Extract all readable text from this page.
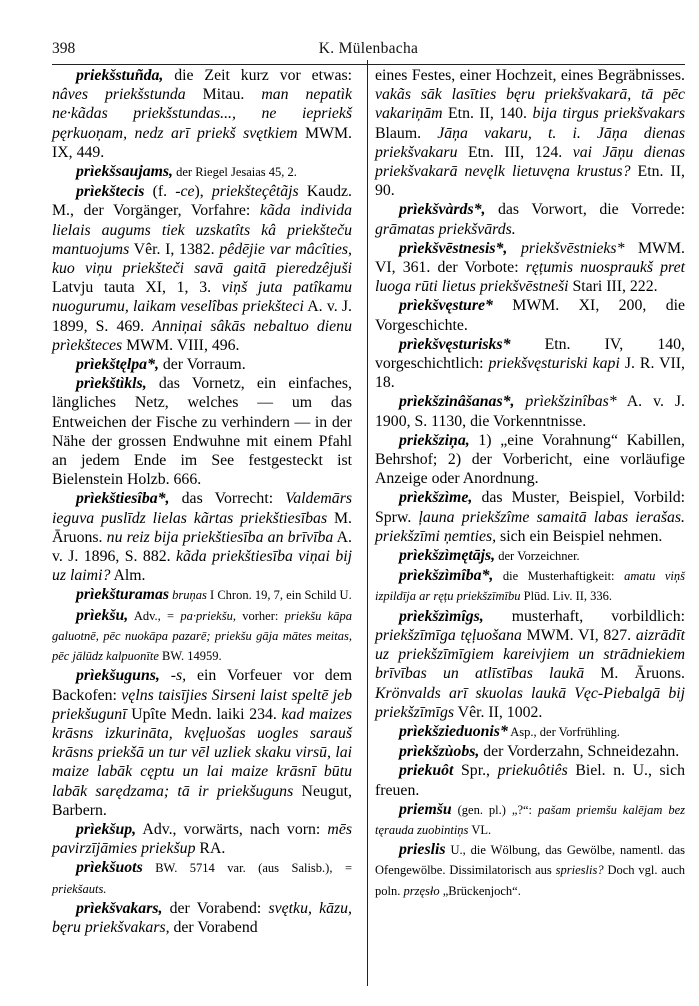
398	K. Mülenbacha

priekšstuñda, die Zeit kurz vor etwas: nâves priekšstunda Mitau. man nepatìk ne·kãdas priekšstundas..., ne iepriekš pęrkuoņam, nedz arī priekš svętkiem MWM. IX, 449.

prìekšsaujams, der Riegel Jesaias 45, 2.

prìekštecis (f. -ce), priekšteçêtãjs Kaudz. M., der Vorgänger, Vorfahre: kãda individa lielais augums tiek uzskatîts kâ priekšteču mantuojums Vêr. I, 1382. pêdējie var mâcîties, kuo viņu priekšteči savā gaitā pieredzêjuši Latvju tauta XI, 1, 3. viņš juta patîkamu nuogurumu, laikam veselîbas priekšteci A. v. J. 1899, S. 469. Anniņai sâkās nebaltuo dienu prìekšteces MWM. VIII, 496.

prìekštęlpa*, der Vorraum.

prìekštìkls, das Vornetz, ein einfaches, längliches Netz, welches — um das Entweichen der Fische zu verhindern — in der Nähe der grossen Endwuhne mit einem Pfahl an jedem Ende im See festgesteckt ist Bielenstein Holzb. 666.

prìekštiesîba*, das Vorrecht: Valdemārs ieguva puslīdz lielas kãrtas priekštiesības M. Āruons. nu reiz bija priekštiesība an brīvība A. v. J. 1896, S. 882. kãda priekštiesība viņai bij uz laimi? Alm.

prìekšturamas bruņas I Chron. 19, 7, ein Schild U.

prìekšu, Adv., = pa·priekšu, vorher: priekšu kāpa galuotnē, pēc nuokāpa pazarē; priekšu gāja mātes meitas, pēc jālūdz kalpuonīte BW. 14959.

prìekšuguns, -s, ein Vorfeuer vor dem Backofen: vęlns taisījies Sirseni laist speltē jeb priekšugunī Upîte Medn. laiki 234. kad maizes krāsns izkurināta, kvęļuošas uogles sarauš krāsns priekšā un tur vēl uzliek skaku virsū, lai maize labāk cęptu un lai maize krāsnī būtu labāk sarędzama; tā ir priekšuguns Neugut, Barbern.

prìekšup, Adv., vorwärts, nach vorn: mēs pavirzījāmies priekšup RA.

prìekšuots BW. 5714 var. (aus Salisb.), = priekšauts.

prìekšvakars, der Vorabend: svętku, kāzu, bęru priekšvakars, der Vorabend

eines Festes, einer Hochzeit, eines Begräbnisses. vakãs sāk lasīties bęru priekšvakarā, tā pēc vakariņām Etn. II, 140. bija tirgus priekšvakars Blaum. Jāņa vakaru, t. i. Jāņa dienas priekšvakaru Etn. III, 124. vai Jāņu dienas priekšvakarā nevęlk lietuvęna krustus? Etn. II, 90.

prìekšvàrds*, das Vorwort, die Vorrede: grāmatas priekšvārds.

prìekšvēstnesis*, priekšvēstnieks* MWM. VI, 361. der Vorbote: ręțumis nuospraukš pret luoga rūti lietus priekšvēstneši Stari III, 222.

prìekšvęsture* MWM. XI, 200, die Vorgeschichte.

prìekšvęsturisks* Etn. IV, 140, vorgeschichtlich: priekšvęsturiski kapi J. R. VII, 18.

prìekšzinâšanas*, prìekšzinîbas* A. v. J. 1900, S. 1130, die Vorkenntnisse.

priekšziņa, 1) „eine Vorahnung“ Kabillen, Behrshof; 2) der Vorbericht, eine vorläufige Anzeige oder Anordnung.

prìekšzìme, das Muster, Beispiel, Vorbild: Sprw. ļauna priekšzîme samaitā labas ierašas. priekšzīmi ņemties, sich ein Beispiel nehmen.

prìekšzìmętājs, der Vorzeichner.

prìekšzìmîba*, die Musterhaftigkeit: amatu viņš izpildīja ar ręțu priekšzīmību Plūd. Liv. II, 336.

prìekšzìmîgs, musterhaft, vorbildlich: priekšzīmīga tęļuošana MWM. VI, 827. aizrādīt uz priekšzīmīgiem kareivjiem un strādniekiem brīvības un atlīstības laukā M. Āruons. Krönvalds arī skuolas laukā Vęc-Piebalgā bij priekšzīmīgs Vêr. II, 1002.

prìekšzieduonis* Asp., der Vorfrühling.

prìekšzùobs, der Vorderzahn, Schneidezahn.

priekuôt Spr., priekuôtiês Biel. n. U., sich freuen.

priemšu (gen. pl.) „?“: pašam priemšu kalējam bez tęrauda zuobintiņs VL.

prieslis U., die Wölbung, das Gewölbe, namentl. das Ofengewölbe. Dissimilatorisch aus sprieslis? Doch vgl. auch poln. przęsło „Brückenjoch“.
